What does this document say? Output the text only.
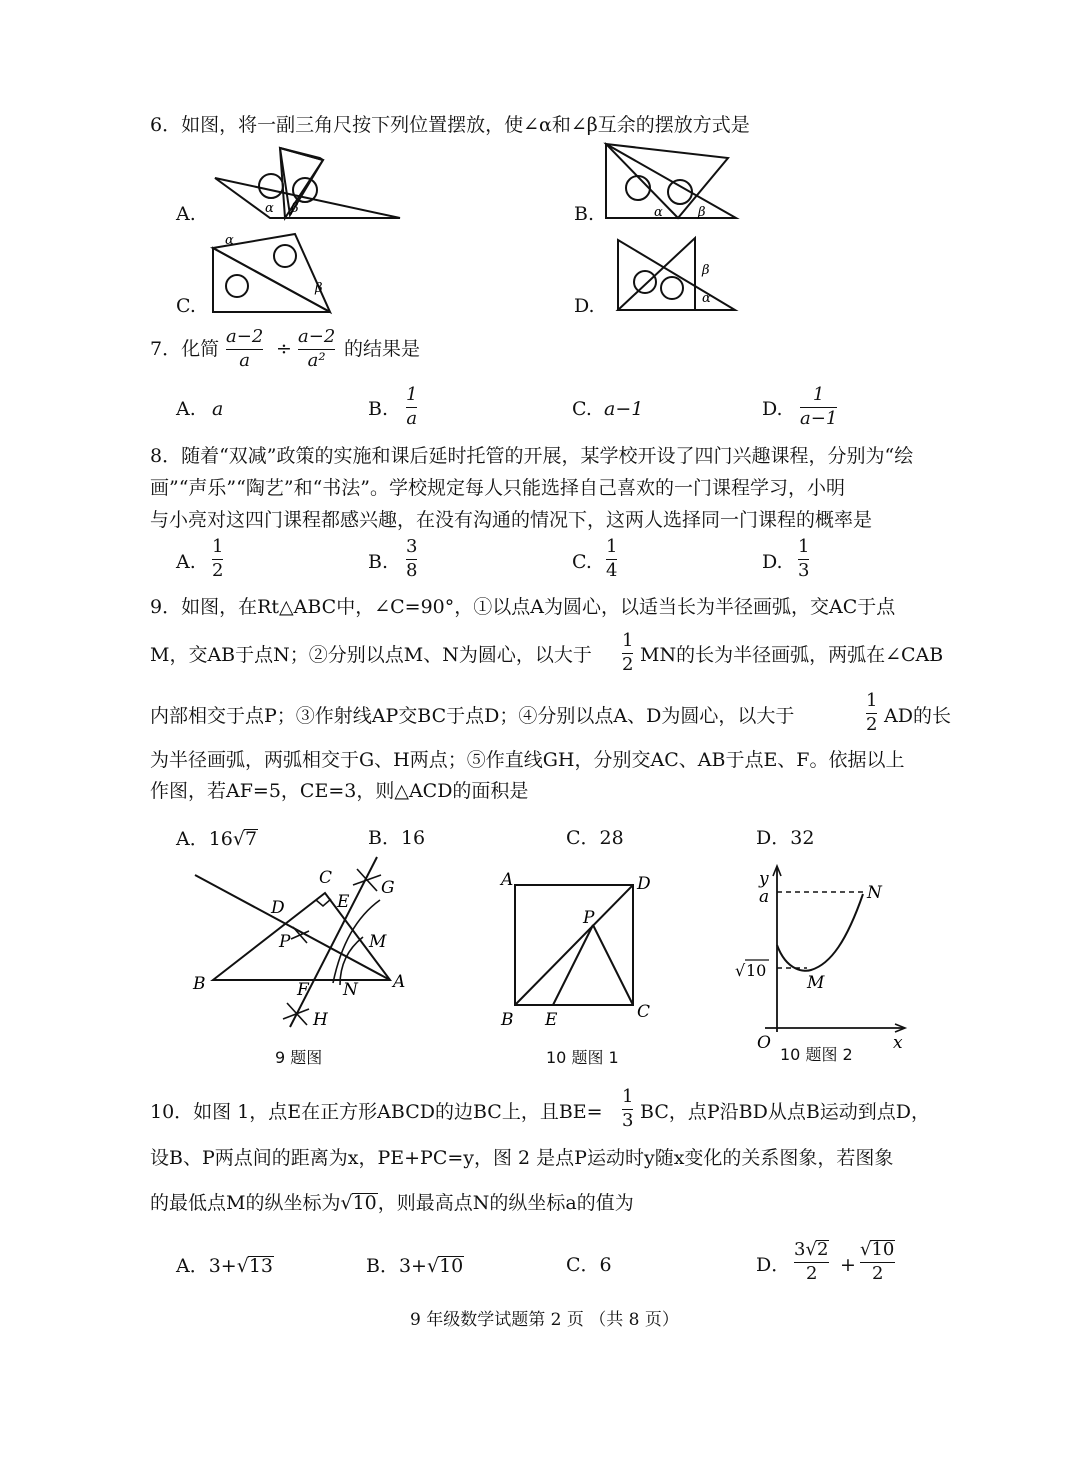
6．如图，将一副三角尺按下列位置摆放，使∠α和∠β互余的摆放方式是
A.	α β	B.	α	β
C.
α
β
D.
β
α
7．化简
a−2
a
÷
a−2
a²
的结果是
A. a	B.
1
a	C. a−1	D.
1
a−1
8．随着“双减”政策的实施和课后延时托管的开展，某学校开设了四门兴趣课程，分别为“绘
画”“声乐”“陶艺”和“书法”。学校规定每人只能选择自己喜欢的一门课程学习，小明
与小亮对这四门课程都感兴趣，在没有沟通的情况下，这两人选择同一门课程的概率是
A.
1
2	B.
3
8	C.
1
4	D.
1
3
9．如图，在Rt△ABC中，∠C=90°，①以点A为圆心，以适当长为半径画弧，交AC于点
M，交AB于点N；②分别以点M、N为圆心，以大于
1
2 MN的长为半径画弧，两弧在∠CAB
内部相交于点P；③作射线AP交BC于点D；④分别以点A、D为圆心，以大于
1
2 AD的长
为半径画弧，两弧相交于G、H两点；⑤作直线GH，分别交AC、AB于点E、F。依据以上
作图，若AF=5，CE=3，则△ACD的面积是
A．16√7	B．16	C．28	D．32
B
C
D	E
G
P	M
A
F N
H
9 题图
A	D
P
B E	C
10 题图 1
y
a	N
√ 10
M
O	x
10 题图 2
10．如图 1，点E在正方形ABCD的边BC上，且BE=
1
3 BC，点P沿BD从点B运动到点D，
设B、P两点间的距离为x，PE+PC=y，图 2 是点P运动时y随x变化的关系图象，若图象
的最低点M的纵坐标为√10，则最高点N的纵坐标a的值为
A．3+√13	B．3+√10	C．6	D．
3√2
2 +
√10
2
9 年级数学试题第 2 页 （共 8 页）
